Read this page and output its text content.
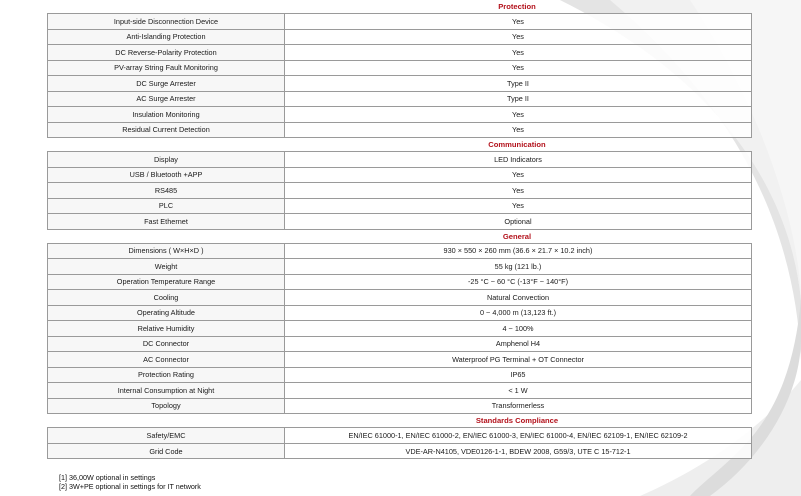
Protection
Input-side Disconnection Device	Yes
Anti-Islanding Protection	Yes
DC Reverse-Polarity Protection	Yes
PV-array String Fault Monitoring	Yes
DC Surge Arrester	Type II
AC Surge Arrester	Type II
Insulation Monitoring	Yes
Residual Current Detection	Yes
Communication
Display	LED Indicators
USB / Bluetooth +APP	Yes
RS485	Yes
PLC	Yes
Fast Ethernet	Optional
General
Dimensions ( W×H×D )	930 × 550 × 260 mm (36.6 × 21.7 × 10.2 inch)
Weight	55 kg (121 lb.)
Operation Temperature Range	-25 °C ~ 60 °C (-13°F ~ 140°F)
Cooling	Natural Convection
Operating Altitude	0 ~ 4,000 m (13,123 ft.)
Relative Humidity	4 ~ 100%
DC Connector	Amphenol H4
AC Connector	Waterproof PG Terminal + OT Connector
Protection Rating	IP65
Internal Consumption at Night	< 1 W
Topology	Transformerless
Standards Compliance
Safety/EMC	EN/IEC 61000-1, EN/IEC 61000-2, EN/IEC 61000-3, EN/IEC 61000-4, EN/IEC 62109-1, EN/IEC 62109-2
Grid Code	VDE-AR-N4105, VDE0126-1-1, BDEW 2008, G59/3, UTE C 15-712-1
[1] 36,00W optional in settings
[2] 3W+PE optional in settings for IT network
